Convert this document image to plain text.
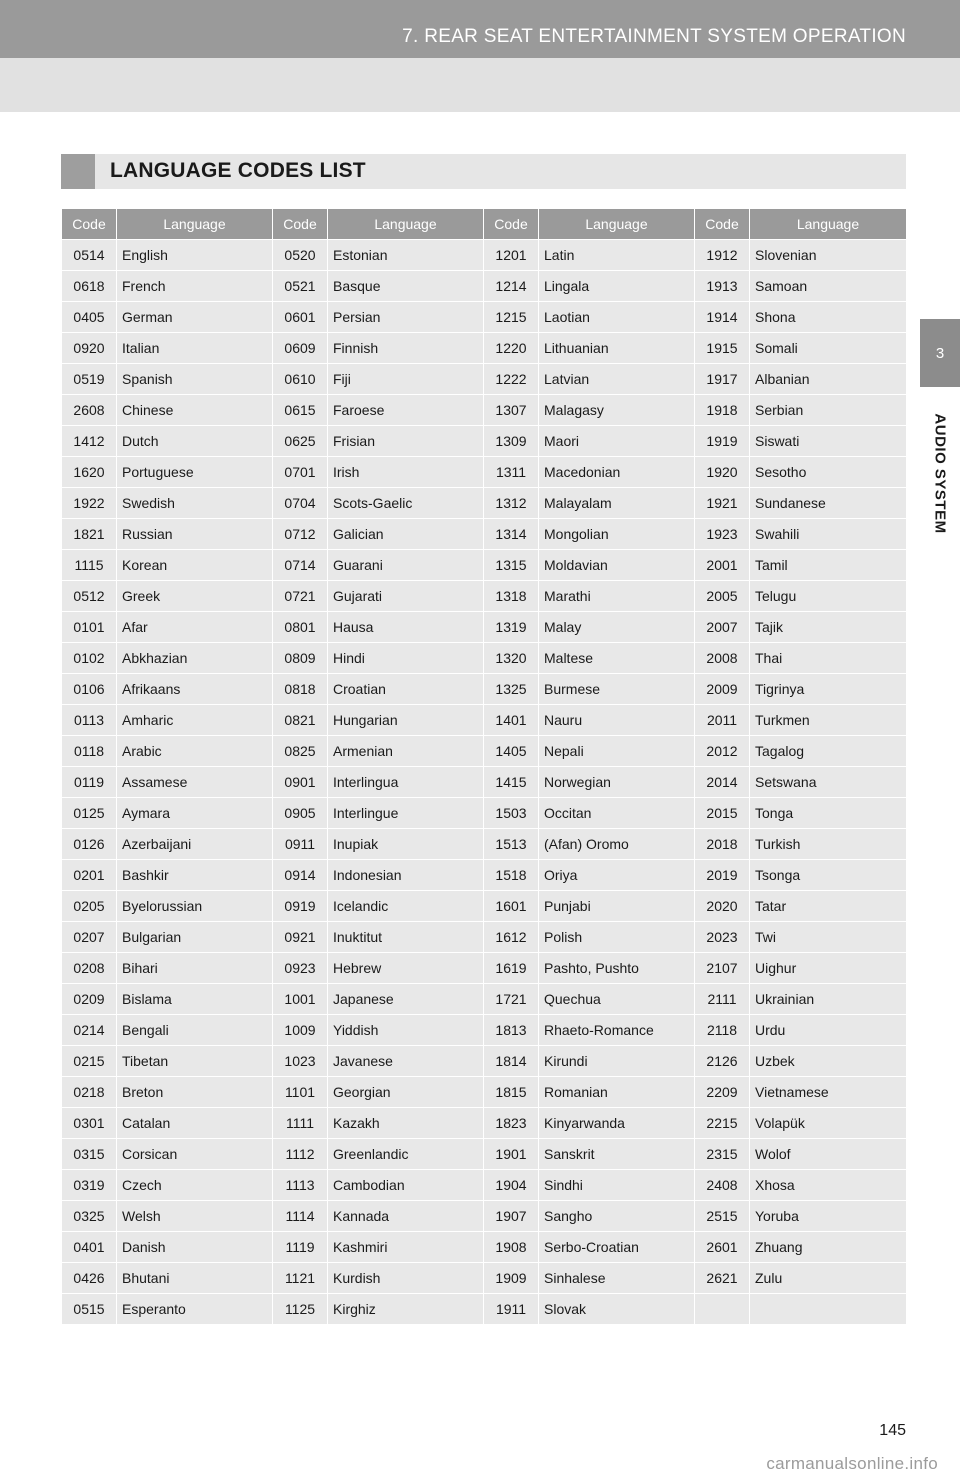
7. REAR SEAT ENTERTAINMENT SYSTEM OPERATION
3
AUDIO SYSTEM
LANGUAGE CODES LIST
Code	Language	Code	Language	Code	Language	Code	Language
0514	English	0520	Estonian	1201	Latin	1912	Slovenian
0618	French	0521	Basque	1214	Lingala	1913	Samoan
0405	German	0601	Persian	1215	Laotian	1914	Shona
0920	Italian	0609	Finnish	1220	Lithuanian	1915	Somali
0519	Spanish	0610	Fiji	1222	Latvian	1917	Albanian
2608	Chinese	0615	Faroese	1307	Malagasy	1918	Serbian
1412	Dutch	0625	Frisian	1309	Maori	1919	Siswati
1620	Portuguese	0701	Irish	1311	Macedonian	1920	Sesotho
1922	Swedish	0704	Scots-Gaelic	1312	Malayalam	1921	Sundanese
1821	Russian	0712	Galician	1314	Mongolian	1923	Swahili
1115	Korean	0714	Guarani	1315	Moldavian	2001	Tamil
0512	Greek	0721	Gujarati	1318	Marathi	2005	Telugu
0101	Afar	0801	Hausa	1319	Malay	2007	Tajik
0102	Abkhazian	0809	Hindi	1320	Maltese	2008	Thai
0106	Afrikaans	0818	Croatian	1325	Burmese	2009	Tigrinya
0113	Amharic	0821	Hungarian	1401	Nauru	2011	Turkmen
0118	Arabic	0825	Armenian	1405	Nepali	2012	Tagalog
0119	Assamese	0901	Interlingua	1415	Norwegian	2014	Setswana
0125	Aymara	0905	Interlingue	1503	Occitan	2015	Tonga
0126	Azerbaijani	0911	Inupiak	1513	(Afan) Oromo	2018	Turkish
0201	Bashkir	0914	Indonesian	1518	Oriya	2019	Tsonga
0205	Byelorussian	0919	Icelandic	1601	Punjabi	2020	Tatar
0207	Bulgarian	0921	Inuktitut	1612	Polish	2023	Twi
0208	Bihari	0923	Hebrew	1619	Pashto, Pushto	2107	Uighur
0209	Bislama	1001	Japanese	1721	Quechua	2111	Ukrainian
0214	Bengali	1009	Yiddish	1813	Rhaeto-Romance	2118	Urdu
0215	Tibetan	1023	Javanese	1814	Kirundi	2126	Uzbek
0218	Breton	1101	Georgian	1815	Romanian	2209	Vietnamese
0301	Catalan	1111	Kazakh	1823	Kinyarwanda	2215	Volapük
0315	Corsican	1112	Greenlandic	1901	Sanskrit	2315	Wolof
0319	Czech	1113	Cambodian	1904	Sindhi	2408	Xhosa
0325	Welsh	1114	Kannada	1907	Sangho	2515	Yoruba
0401	Danish	1119	Kashmiri	1908	Serbo-Croatian	2601	Zhuang
0426	Bhutani	1121	Kurdish	1909	Sinhalese	2621	Zulu
0515	Esperanto	1125	Kirghiz	1911	Slovak		
145
carmanualsonline.info
